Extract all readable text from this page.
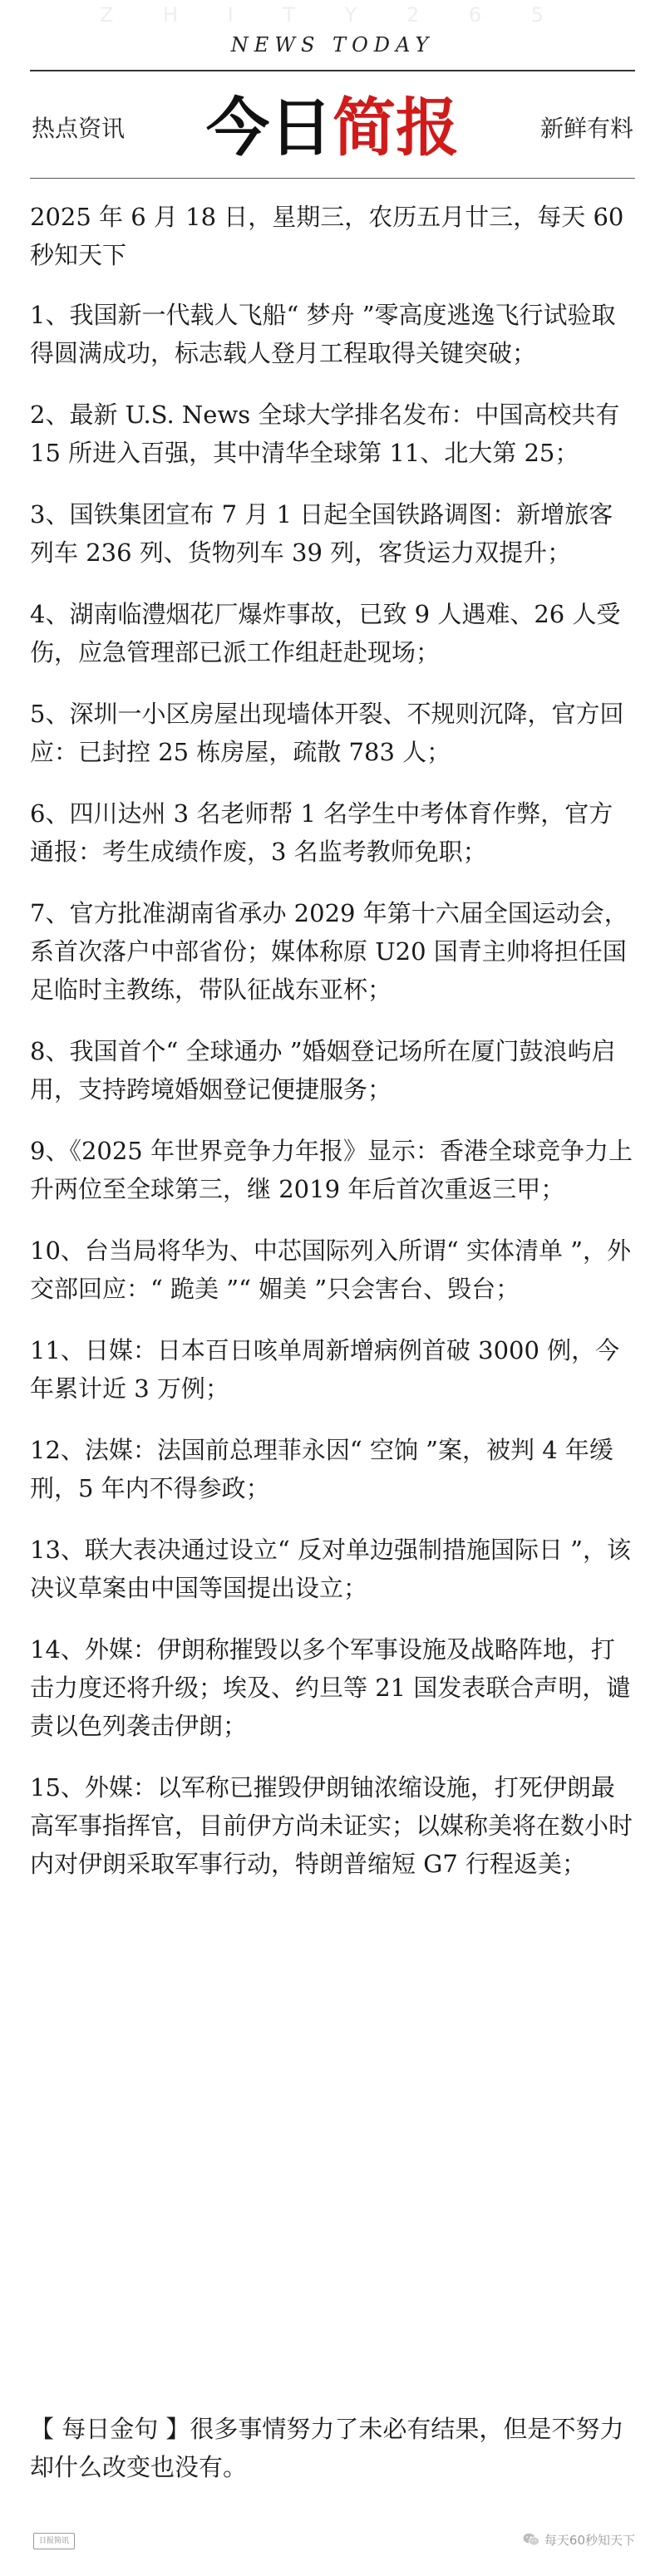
Z H I T Y 2 6 5
NEWS TODAY
热点资讯	今日简报	新鲜有料

2025 年 6 月 18 日，星期三，农历五月廿三，每天 60 秒知天下

1、我国新一代载人飞船“ 梦舟 ”零高度逃逸飞行试验取得圆满成功，标志载人登月工程取得关键突破；

2、最新 U.S. News 全球大学排名发布：中国高校共有 15 所进入百强，其中清华全球第 11、北大第 25；

3、国铁集团宣布 7 月 1 日起全国铁路调图：新增旅客列车 236 列、货物列车 39 列，客货运力双提升；

4、湖南临澧烟花厂爆炸事故，已致 9 人遇难、26 人受伤，应急管理部已派工作组赶赴现场；

5、深圳一小区房屋出现墙体开裂、不规则沉降，官方回应：已封控 25 栋房屋，疏散 783 人；

6、四川达州 3 名老师帮 1 名学生中考体育作弊，官方通报：考生成绩作废，3 名监考教师免职；

7、官方批准湖南省承办 2029 年第十六届全国运动会，系首次落户中部省份；媒体称原 U20 国青主帅将担任国足临时主教练，带队征战东亚杯；

8、我国首个“ 全球通办 ”婚姻登记场所在厦门鼓浪屿启用，支持跨境婚姻登记便捷服务；

9、《2025 年世界竞争力年报》显示：香港全球竞争力上升两位至全球第三，继 2019 年后首次重返三甲；

10、台当局将华为、中芯国际列入所谓“ 实体清单 ”，外交部回应：“ 跪美 ”“ 媚美 ”只会害台、毁台；

11、日媒：日本百日咳单周新增病例首破 3000 例，今年累计近 3 万例；

12、法媒：法国前总理菲永因“ 空饷 ”案，被判 4 年缓刑，5 年内不得参政；

13、联大表决通过设立“ 反对单边强制措施国际日 ”，该决议草案由中国等国提出设立；

14、外媒：伊朗称摧毁以多个军事设施及战略阵地，打击力度还将升级；埃及、约旦等 21 国发表联合声明，谴责以色列袭击伊朗；

15、外媒：以军称已摧毁伊朗铀浓缩设施，打死伊朗最高军事指挥官，目前伊方尚未证实；以媒称美将在数小时内对伊朗采取军事行动，特朗普缩短 G7 行程返美；

【 每日金句 】很多事情努力了未必有结果，但是不努力却什么改变也没有。
日报简讯	每天60秒知天下
